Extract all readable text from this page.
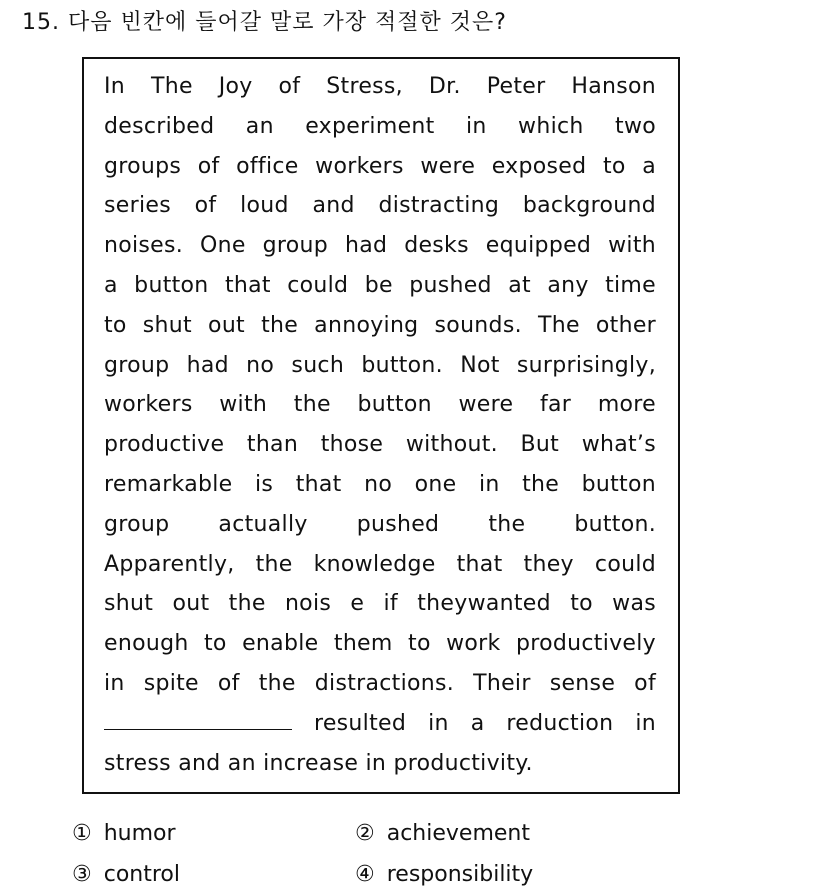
15. 다음 빈칸에 들어갈 말로 가장 적절한 것은?
In The Joy of Stress, Dr. Peter Hanson
described an experiment in which two
groups of office workers were exposed to a
series of loud and distracting background
noises. One group had desks equipped with
a button that could be pushed at any time
to shut out the annoying sounds. The other
group had no such button. Not surprisingly,
workers with the button were far more
productive than those without. But what’s
remarkable is that no one in the button
group actually pushed the button.
Apparently, the knowledge that they could
shut out the nois e if theywanted to was
enough to enable them to work productively
in spite of the distractions. Their sense of
resulted in a reduction in
stress and an increase in productivity.
① humor	② achievement
③ control	④ responsibility
